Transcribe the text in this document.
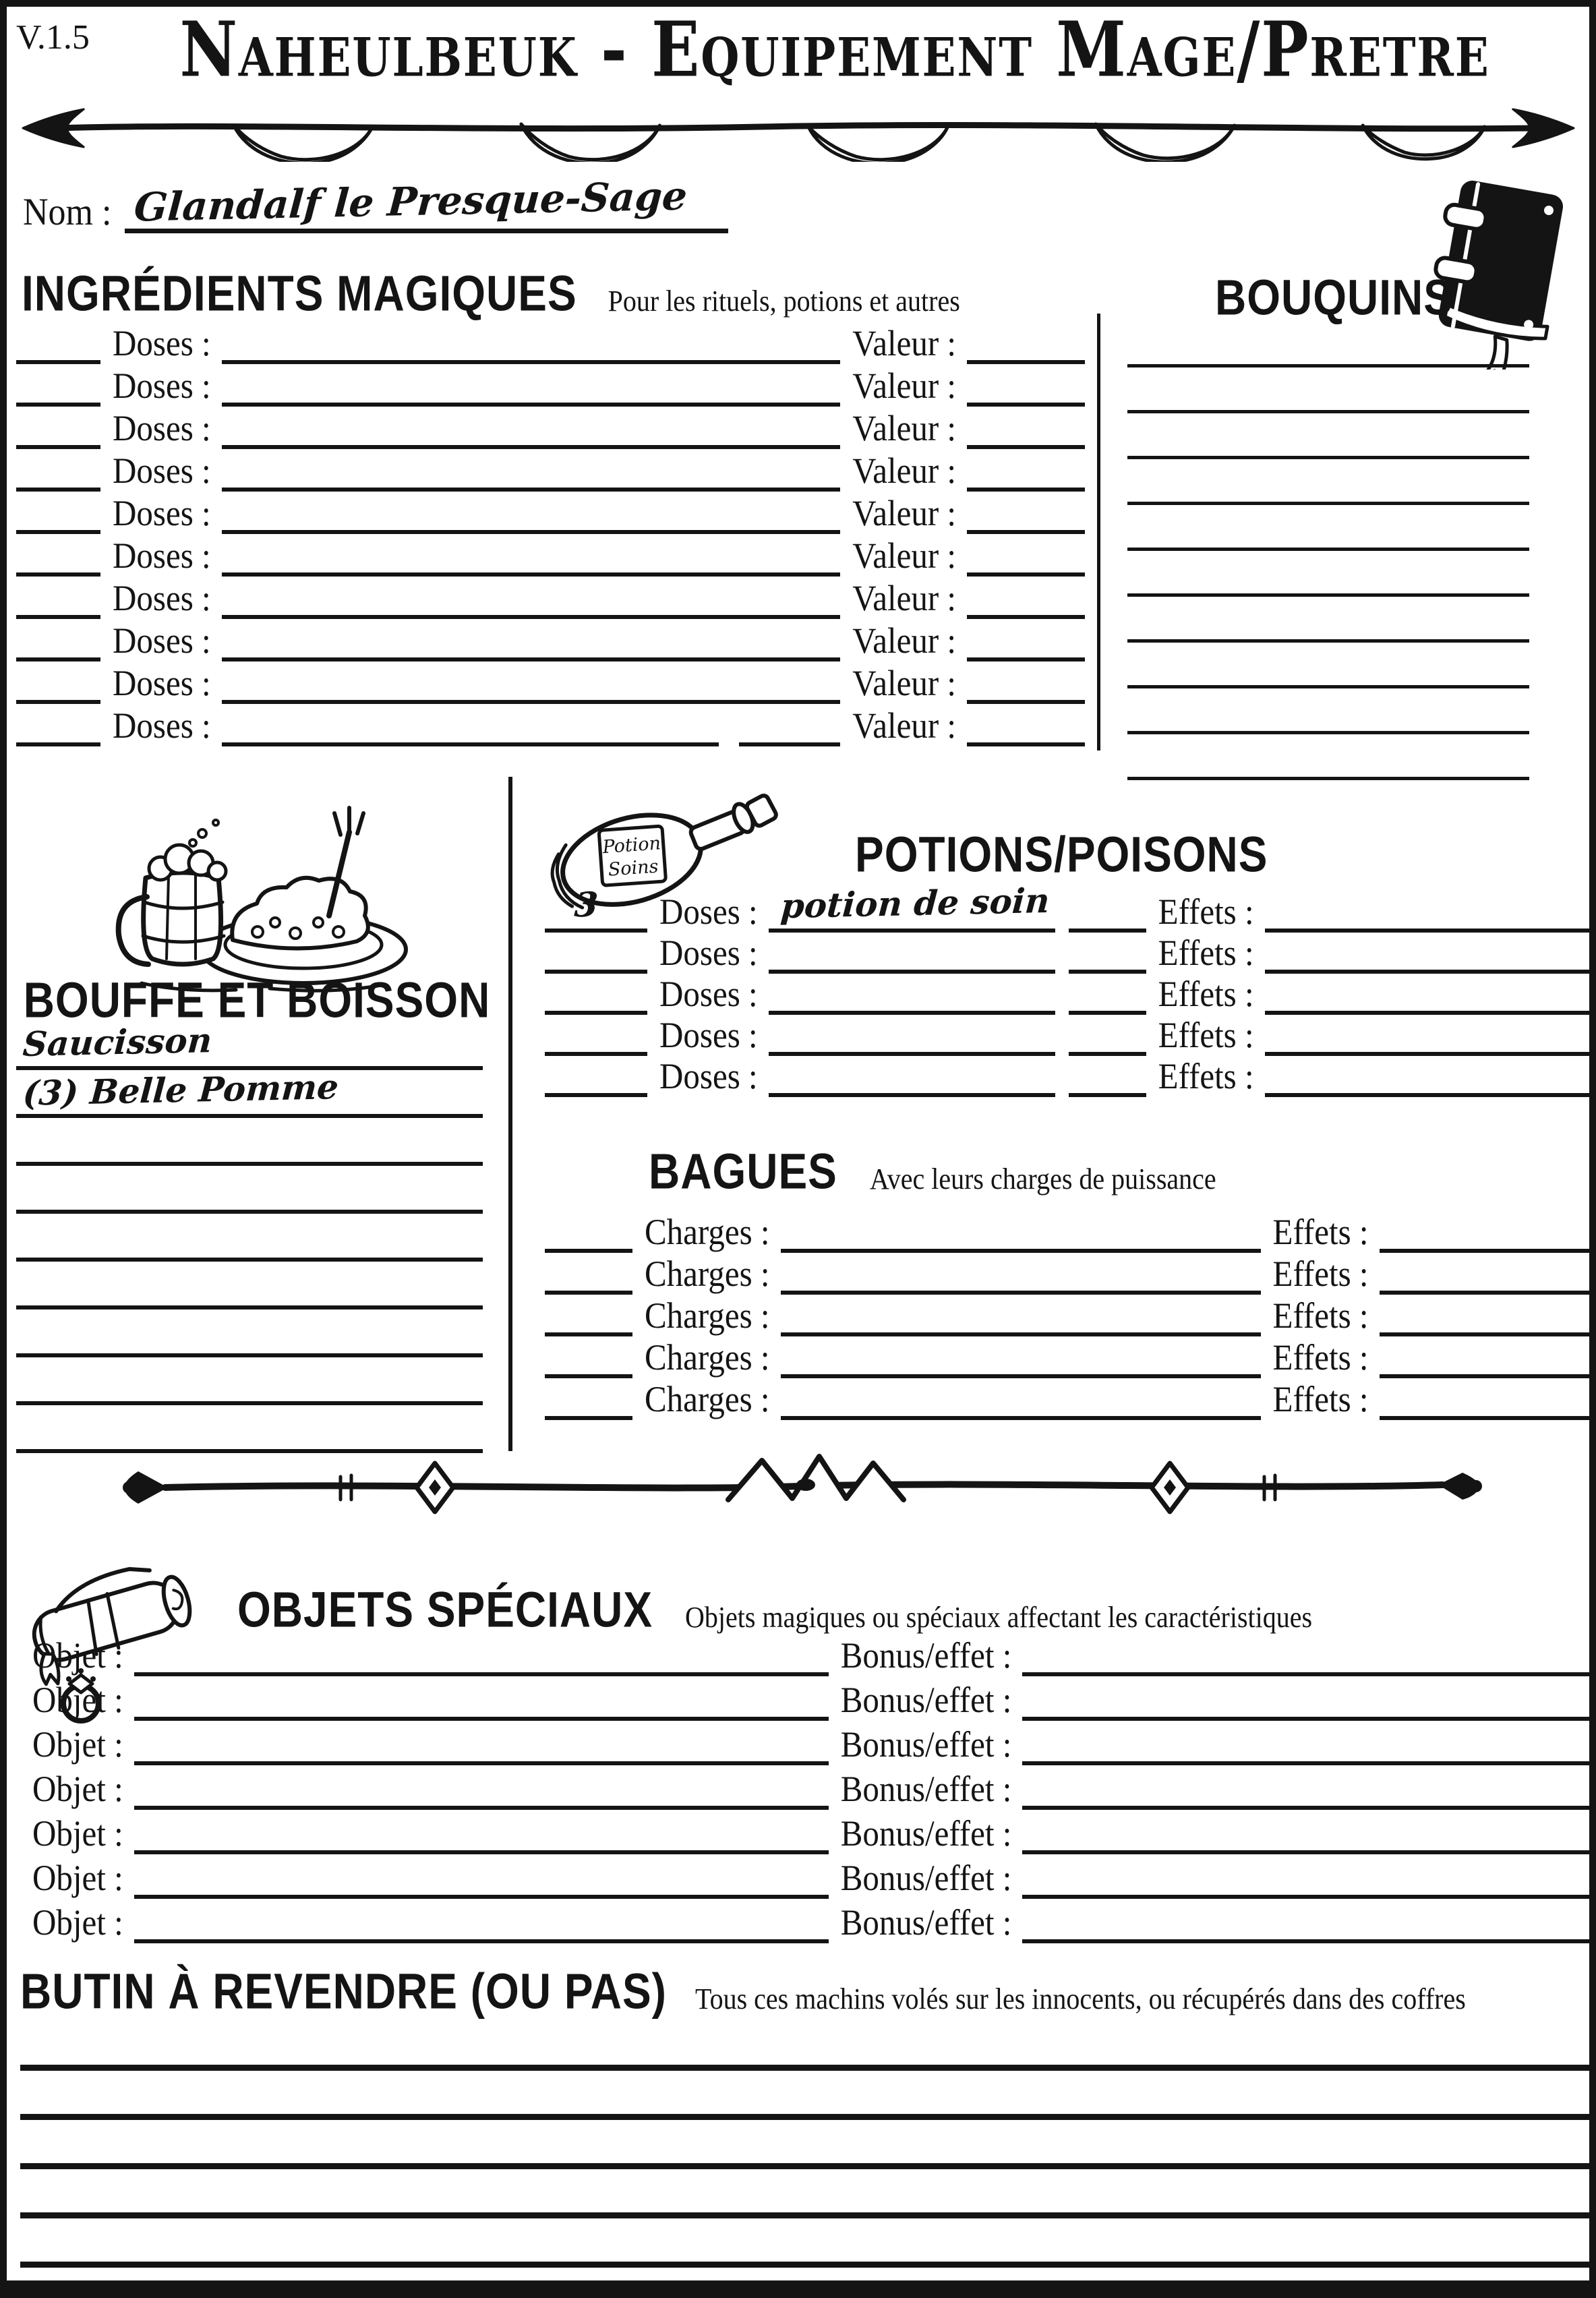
V.1.5 Naheulbeuk - Equipement Mage/Pretre
Nom : Glandalf le Presque-Sage
INGRÉDIENTS MAGIQUES Pour les rituels, potions et autres	BOUQUINS
Doses :	Valeur :
Doses :	Valeur :
Doses :	Valeur :
Doses :	Valeur :
Doses :	Valeur :
Doses :	Valeur :
Doses :	Valeur :
Doses :	Valeur :
Doses :	Valeur :
Doses :	Valeur :
BOUFFE ET BOISSON
Saucisson
(3) Belle Pomme
Potion
Soins	POTIONS/POISONS
3	Doses : potion de soin	Effets :
Doses :	Effets :
Doses :	Effets :
Doses :	Effets :
Doses :	Effets :
BAGUES Avec leurs charges de puissance
Charges :	Effets :
Charges :	Effets :
Charges :	Effets :
Charges :	Effets :
Charges :	Effets :
OBJETS SPÉCIAUX Objets magiques ou spéciaux affectant les caractéristiques
Objet :	Bonus/effet :
Objet :	Bonus/effet :
Objet :	Bonus/effet :
Objet :	Bonus/effet :
Objet :	Bonus/effet :
Objet :	Bonus/effet :
Objet :	Bonus/effet :
BUTIN À REVENDRE (OU PAS) Tous ces machins volés sur les innocents, ou récupérés dans des coffres
